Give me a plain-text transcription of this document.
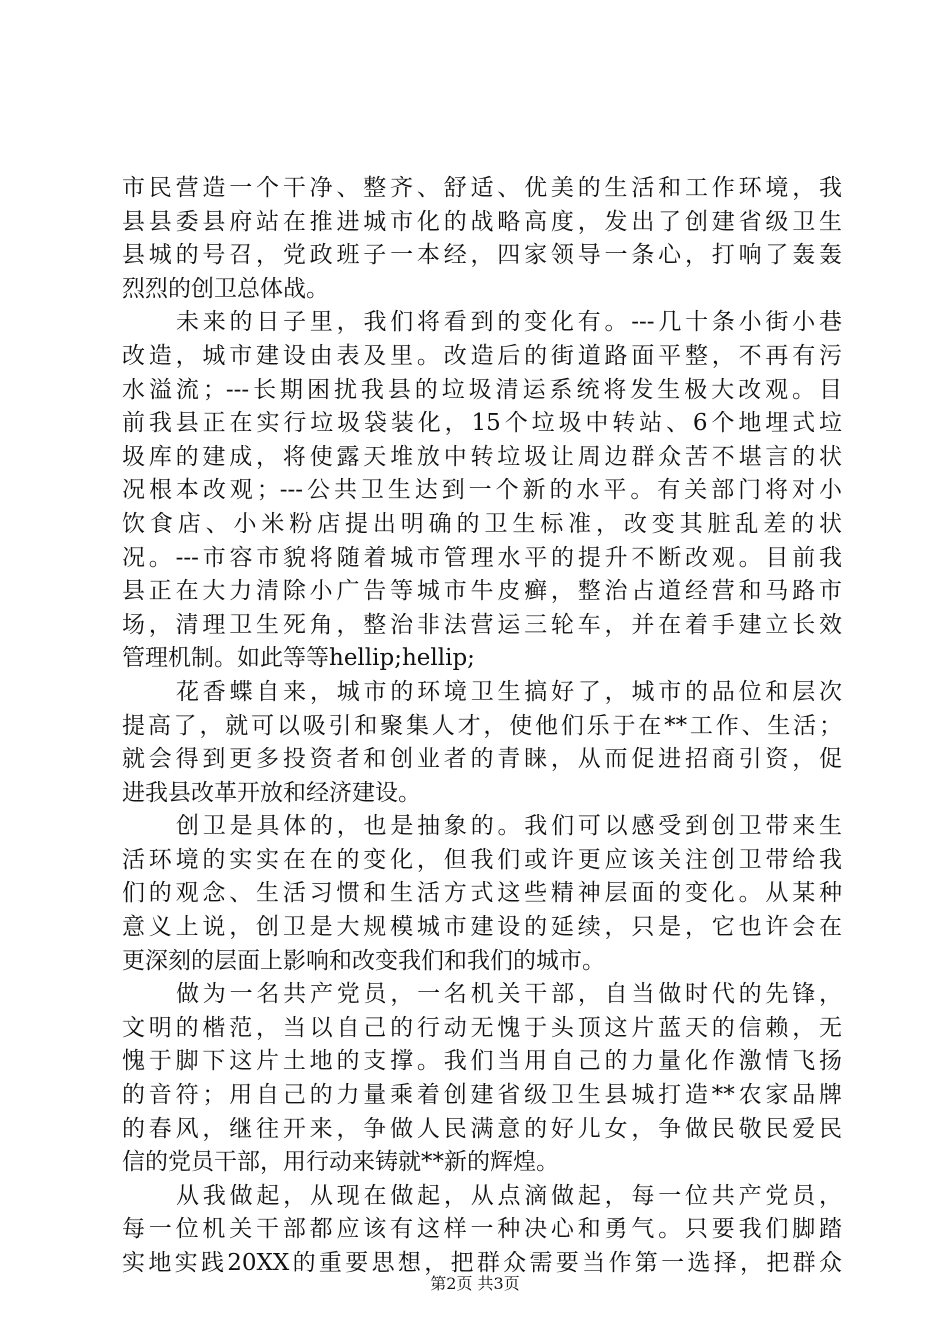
市民营造一个干净、整齐、舒适、优美的生活和工作环境，我
县县委县府站在推进城市化的战略高度，发出了创建省级卫生
县城的号召，党政班子一本经，四家领导一条心，打响了轰轰
烈烈的创卫总体战。
未来的日子里，我们将看到的变化有。---几十条小街小巷
改造，城市建设由表及里。改造后的街道路面平整，不再有污
水溢流；---长期困扰我县的垃圾清运系统将发生极大改观。目
前我县正在实行垃圾袋装化，15个垃圾中转站、6个地埋式垃
圾库的建成，将使露天堆放中转垃圾让周边群众苦不堪言的状
况根本改观；---公共卫生达到一个新的水平。有关部门将对小
饮食店、小米粉店提出明确的卫生标准，改变其脏乱差的状
况。---市容市貌将随着城市管理水平的提升不断改观。目前我
县正在大力清除小广告等城市牛皮癣，整治占道经营和马路市
场，清理卫生死角，整治非法营运三轮车，并在着手建立长效
管理机制。如此等等hellip;hellip;
花香蝶自来，城市的环境卫生搞好了，城市的品位和层次
提高了，就可以吸引和聚集人才，使他们乐于在**工作、生活；
就会得到更多投资者和创业者的青睐，从而促进招商引资，促
进我县改革开放和经济建设。
创卫是具体的，也是抽象的。我们可以感受到创卫带来生
活环境的实实在在的变化，但我们或许更应该关注创卫带给我
们的观念、生活习惯和生活方式这些精神层面的变化。从某种
意义上说，创卫是大规模城市建设的延续，只是，它也许会在
更深刻的层面上影响和改变我们和我们的城市。
做为一名共产党员，一名机关干部，自当做时代的先锋，
文明的楷范，当以自己的行动无愧于头顶这片蓝天的信赖，无
愧于脚下这片土地的支撑。我们当用自己的力量化作激情飞扬
的音符；用自己的力量乘着创建省级卫生县城打造**农家品牌
的春风，继往开来，争做人民满意的好儿女，争做民敬民爱民
信的党员干部，用行动来铸就**新的辉煌。
从我做起，从现在做起，从点滴做起，每一位共产党员，
每一位机关干部都应该有这样一种决心和勇气。只要我们脚踏
实地实践20XX的重要思想，把群众需要当作第一选择，把群众
第2页 共3页
